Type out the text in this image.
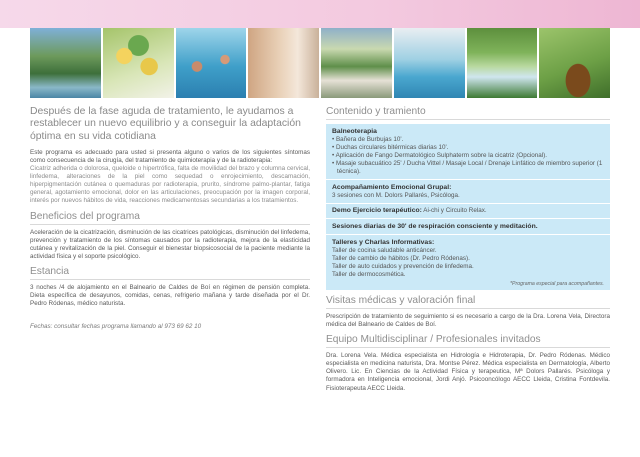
Después de la fase aguda de tratamiento, le ayudamos a restablecer un nuevo equilibrio y a conseguir la adaptación óptima en su vida cotidiana
Este programa es adecuado para usted si presenta alguno o varios de los siguientes síntomas como consecuencia de la cirugía, del tratamiento de quimioterapia y de la radioterapia:
Cicatriz adherida o dolorosa, queloide o hipertrófica, falta de movilidad del brazo y columna cervical, linfedema, alteraciones de la piel como sequedad o enrojecimiento, descamación, hiperpigmentación cutánea o quemaduras por radioterapia, prurito, síndrome palmo-plantar, fatiga general, agotamiento emocional, dolor en las articulaciones, preocupación por la imagen corporal, interés por nuevos hábitos de vida, reacciones medicamentosas secundarias a los tratamientos.
Beneficios del programa
Aceleración de la cicatrización, disminución de las cicatrices patológicas, disminución del linfedema, prevención y tratamiento de los síntomas causados por la radioterapia, mejora de la elasticidad cutánea y revitalización de la piel. Conseguir el bienestar biopsicosocial de la paciente mediante la actividad física y el soporte psicológico.
Estancia
3 noches /4 de alojamiento en el Balneario de Caldes de Boí en régimen de pensión completa. Dieta específica de desayunos, comidas, cenas, refrigerio mañana y tarde diseñada por el Dr. Pedro Ródenas, médico naturista.
Fechas: consultar fechas programa llamando al 973 69 62 10
Contenido y tramiento
Balneoterapia
• Bañera de Burbujas 10'.
• Duchas circulares bitérmicas diarias 10'.
• Aplicación de Fango Dermatológico Sulphaterm sobre la cicatriz (Opcional).
• Masaje subacuático 25' / Ducha Vittel / Masaje Local / Drenaje Linfático de miembro superior (1 técnica).
Acompañamiento Emocional Grupal:
3 sesiones con M. Dolors Pallarés, Psicóloga.
Demo Ejercicio terapéutico: Ai-chi y Circuito Relax.
Sesiones diarias de 30' de respiración consciente y meditación.
Talleres y Charlas Informativas:
Taller de cocina saludable anticáncer.
Taller de cambio de hábitos (Dr. Pedro Ródenas).
Taller de auto cuidados y prevención de linfedema.
Taller de dermocosmética.
*Programa especial para acompañantes.
Visitas médicas y valoración final
Prescripción de tratamiento de seguimiento si es necesario a cargo de la Dra. Lorena Vela, Directora médica del Balneario de Caldes de Boí.
Equipo Multidisciplinar / Profesionales invitados
Dra. Lorena Vela. Médica especialista en Hidrología e Hidroterapia, Dr. Pedro Ródenas. Médico especialista en medicina naturista, Dra. Montse Pérez. Médica especialista en Dermatología, Alberto Olivero. Lic. En Ciencias de la Actividad Física y terapeutica, Mª Dolors Pallarés. Psicóloga y formadora en Inteligencia emocional, Jordi Anjó. Psicooncólogo AECC Lleida, Cristina Fontdevila. Fisioterapeuta AECC Lleida.
